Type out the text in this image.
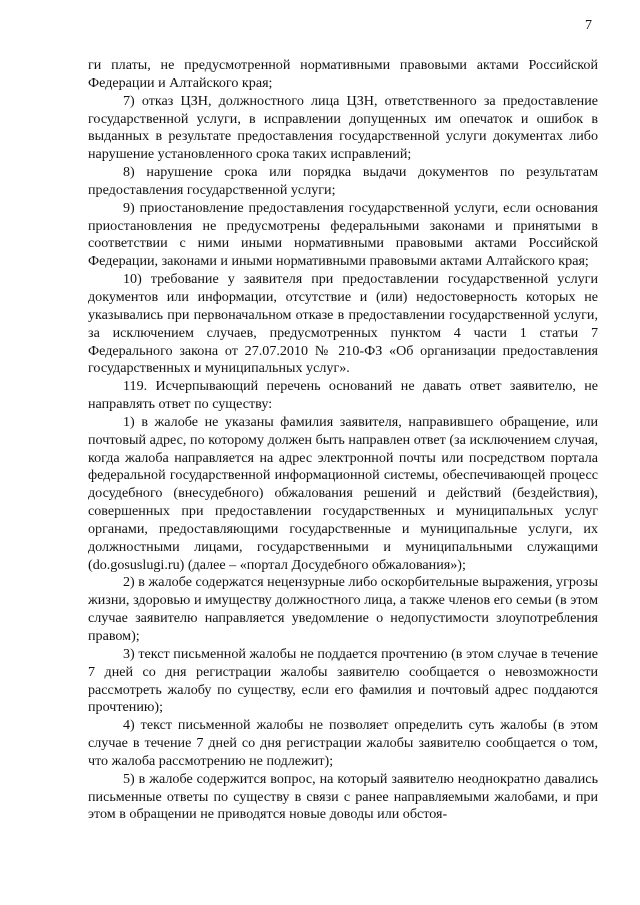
7

ги платы, не предусмотренной нормативными правовыми актами Российской Федерации и Алтайского края;

7) отказ ЦЗН, должностного лица ЦЗН, ответственного за предоставление государственной услуги, в исправлении допущенных им опечаток и ошибок в выданных в результате предоставления государственной услуги документах либо нарушение установленного срока таких исправлений;

8) нарушение срока или порядка выдачи документов по результатам предоставления государственной услуги;

9) приостановление предоставления государственной услуги, если основания приостановления не предусмотрены федеральными законами и принятыми в соответствии с ними иными нормативными правовыми актами Российской Федерации, законами и иными нормативными правовыми актами Алтайского края;

10) требование у заявителя при предоставлении государственной услуги документов или информации, отсутствие и (или) недостоверность которых не указывались при первоначальном отказе в предоставлении государственной услуги, за исключением случаев, предусмотренных пунктом 4 части 1 статьи 7 Федерального закона от 27.07.2010 № 210-ФЗ «Об организации предоставления государственных и муниципальных услуг».

119. Исчерпывающий перечень оснований не давать ответ заявителю, не направлять ответ по существу:

1) в жалобе не указаны фамилия заявителя, направившего обращение, или почтовый адрес, по которому должен быть направлен ответ (за исключением случая, когда жалоба направляется на адрес электронной почты или посредством портала федеральной государственной информационной системы, обеспечивающей процесс досудебного (внесудебного) обжалования решений и действий (бездействия), совершенных при предоставлении государственных и муниципальных услуг органами, предоставляющими государственные и муниципальные услуги, их должностными лицами, государственными и муниципальными служащими (do.gosuslugi.ru) (далее – «портал Досудебного обжалования»);

2) в жалобе содержатся нецензурные либо оскорбительные выражения, угрозы жизни, здоровью и имуществу должностного лица, а также членов его семьи (в этом случае заявителю направляется уведомление о недопустимости злоупотребления правом);

3) текст письменной жалобы не поддается прочтению (в этом случае в течение 7 дней со дня регистрации жалобы заявителю сообщается о невозможности рассмотреть жалобу по существу, если его фамилия и почтовый адрес поддаются прочтению);

4) текст письменной жалобы не позволяет определить суть жалобы (в этом случае в течение 7 дней со дня регистрации жалобы заявителю сообщается о том, что жалоба рассмотрению не подлежит);

5) в жалобе содержится вопрос, на который заявителю неоднократно давались письменные ответы по существу в связи с ранее направляемыми жалобами, и при этом в обращении не приводятся новые доводы или обстоя-
